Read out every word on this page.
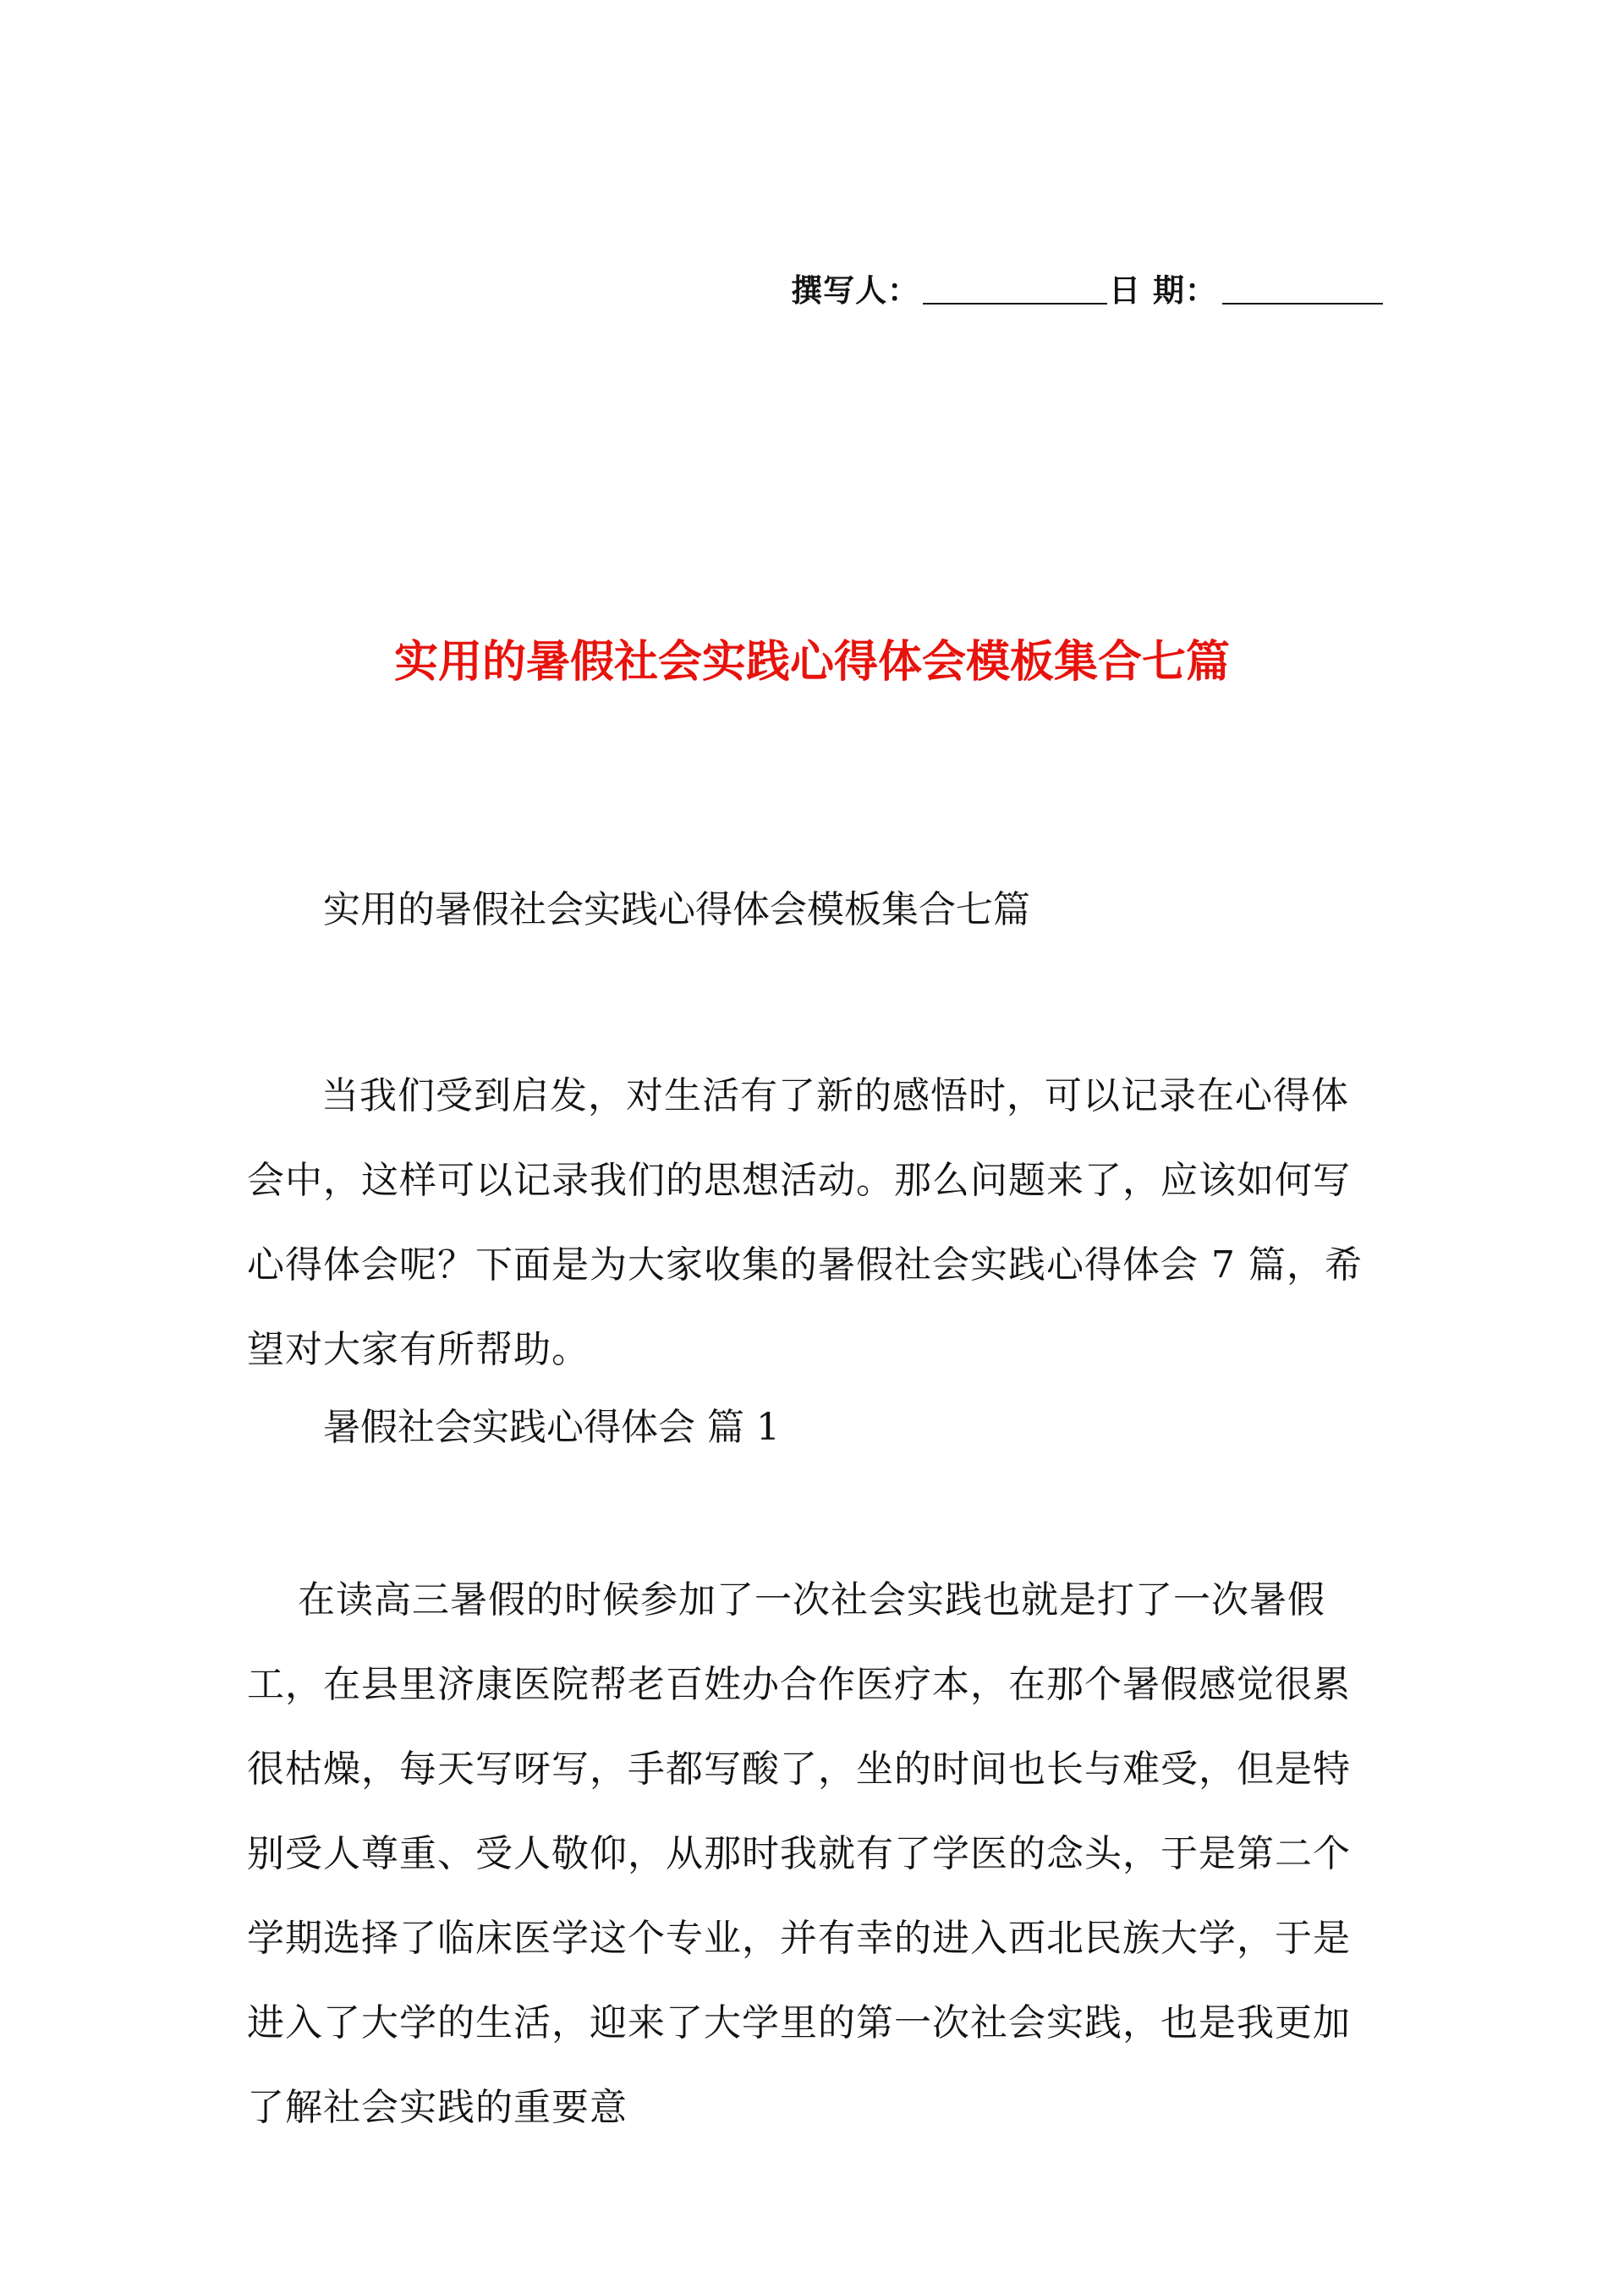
撰写人：	日 期：
实用的暑假社会实践心得体会模板集合七篇
实用的暑假社会实践心得体会模板集合七篇
当我们受到启发，对生活有了新的感悟时，可以记录在心得体会中，这样可以记录我们的思想活动。那么问题来了，应该如何写心得体会呢？下面是为大家收集的暑假社会实践心得体会 7 篇，希望对大家有所帮助。
暑假社会实践心得体会 篇 1
在读高三暑假的时候参加了一次社会实践也就是打了一次暑假工，在县里济康医院帮老百姓办合作医疗本，在那个暑假感觉很累很枯燥，每天写呀写，手都写酸了，坐的时间也长与难受，但是特别受人尊重、受人敬仰，从那时我就有了学医的念头，于是第二个学期选择了临床医学这个专业，并有幸的进入西北民族大学，于是进入了大学的生活，迎来了大学里的第一次社会实践，也是我更加了解社会实践的重要意
